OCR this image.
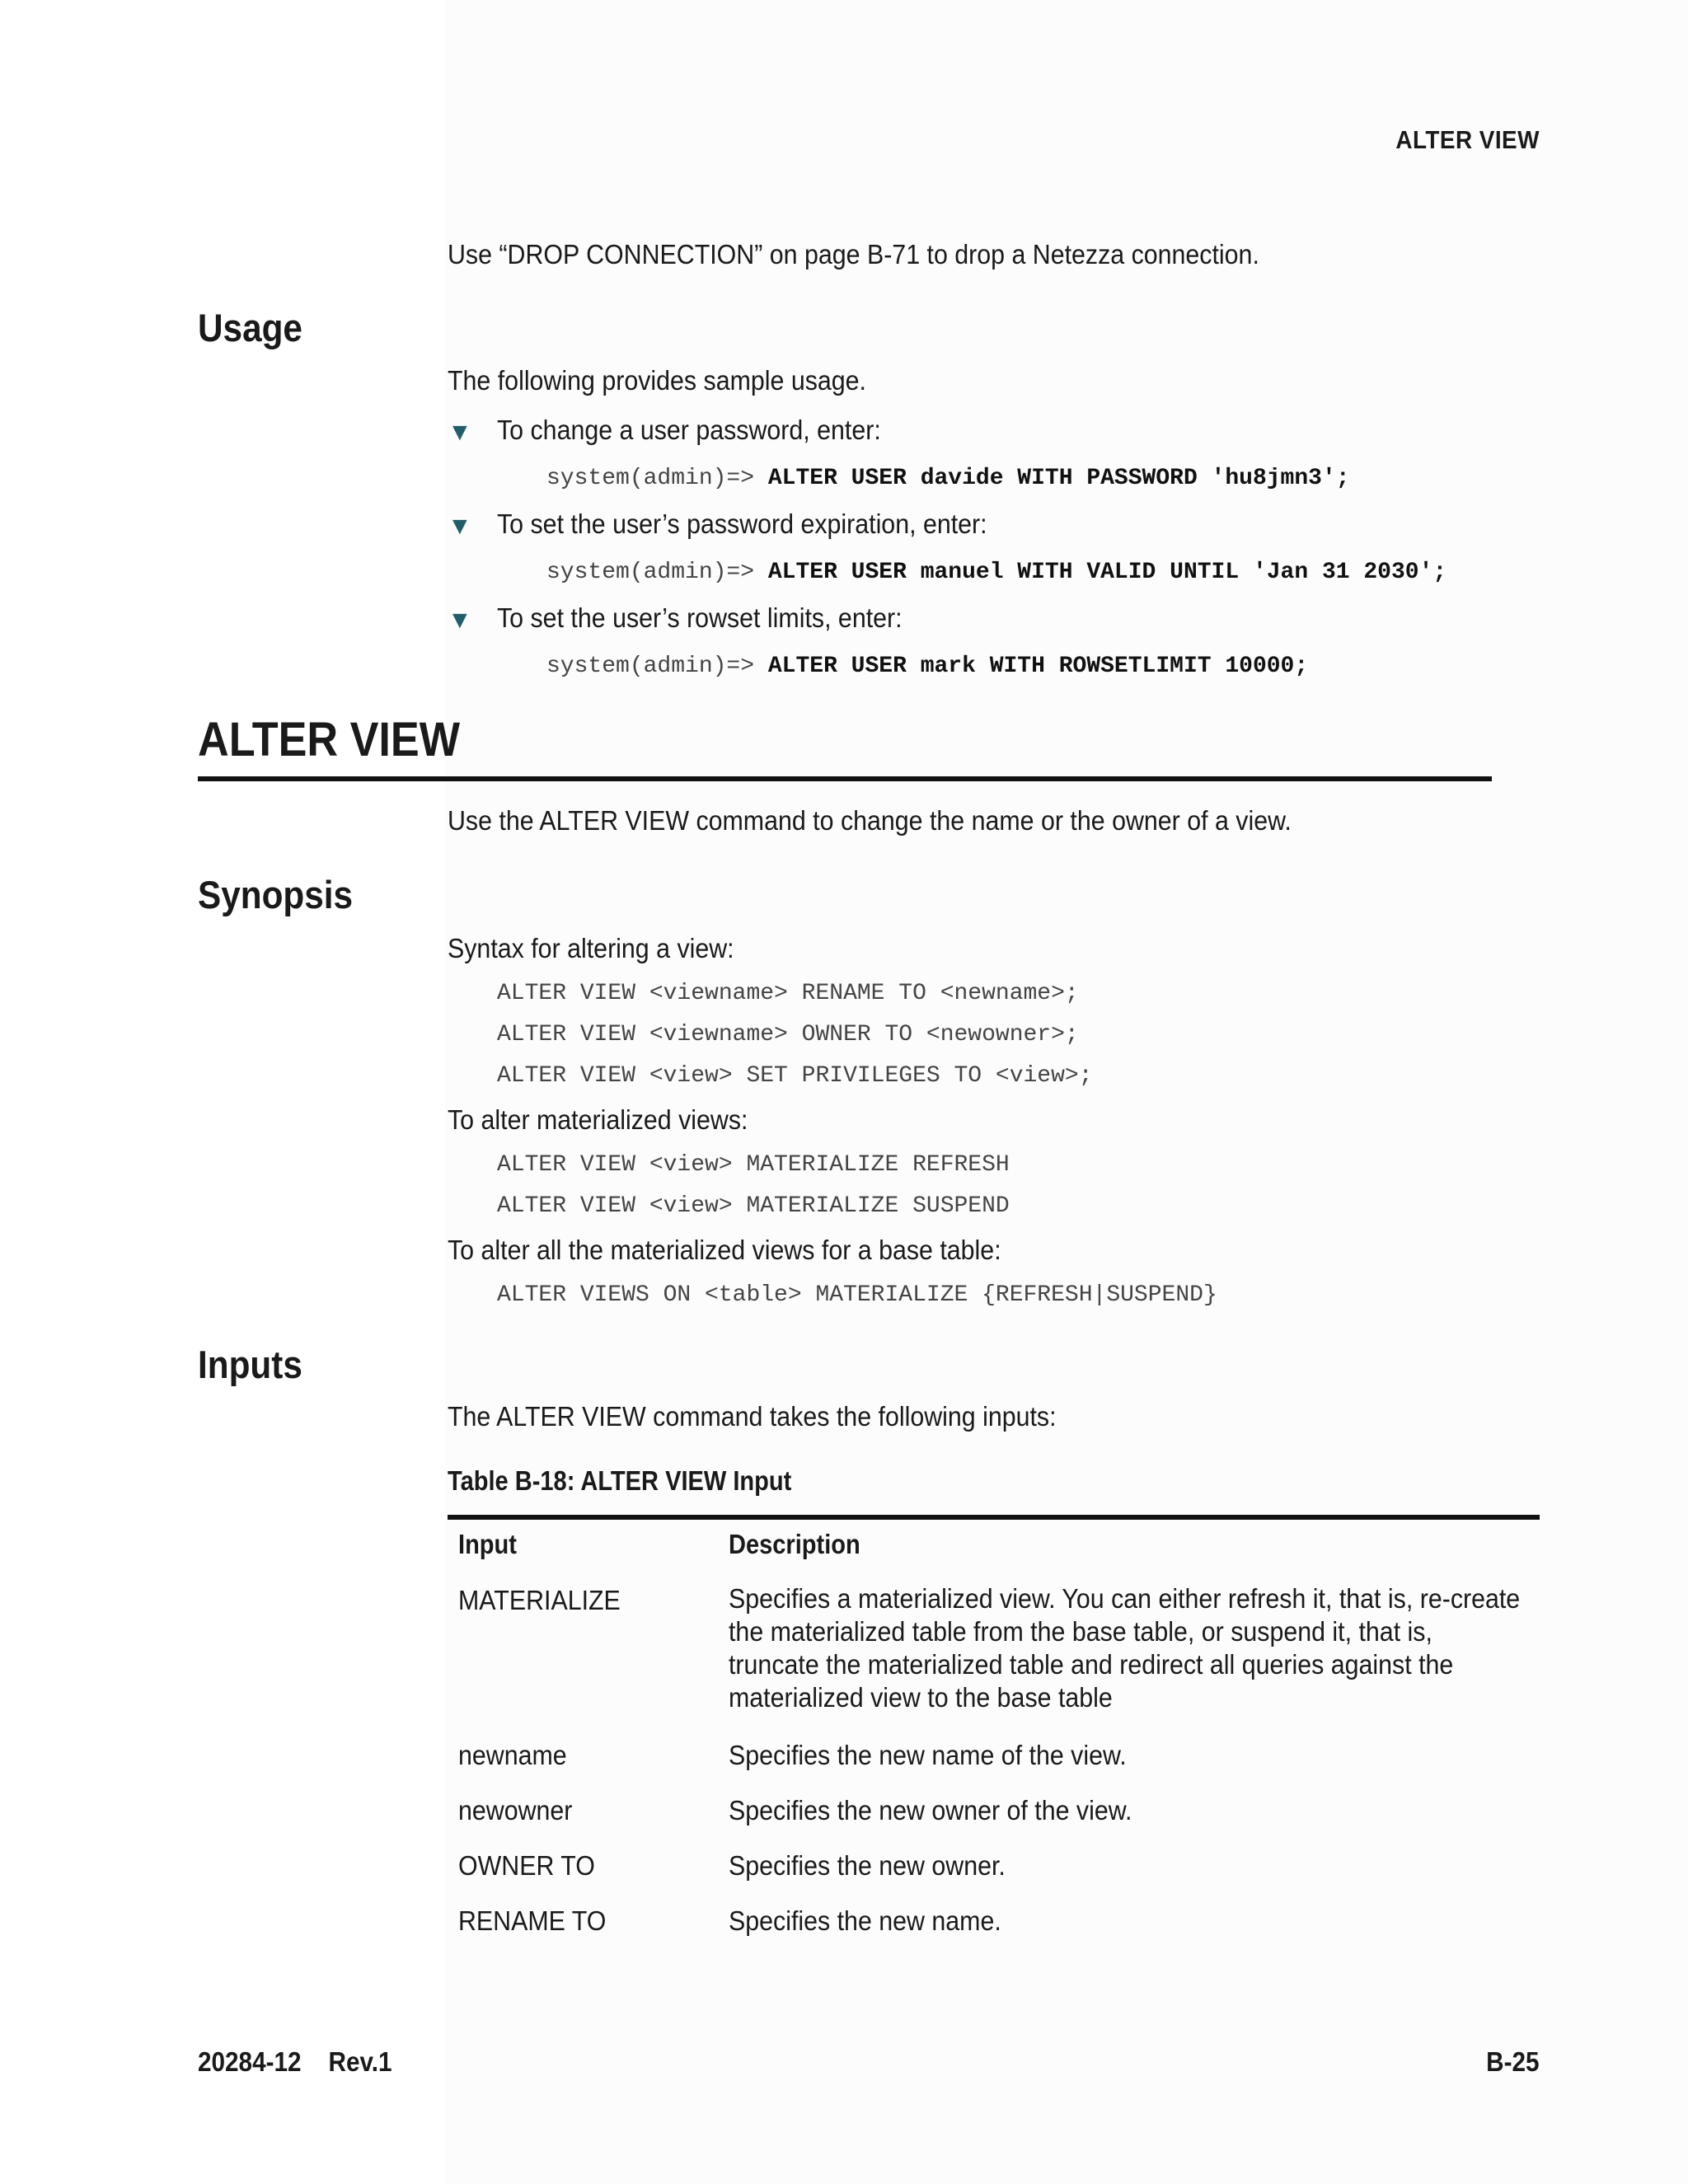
ALTER VIEW
Use “DROP CONNECTION” on page B-71 to drop a Netezza connection.
Usage
The following provides sample usage.
▼ To change a user password, enter:
system(admin)=> ALTER USER davide WITH PASSWORD 'hu8jmn3';
▼ To set the user’s password expiration, enter:
system(admin)=> ALTER USER manuel WITH VALID UNTIL 'Jan 31 2030';
▼ To set the user’s rowset limits, enter:
system(admin)=> ALTER USER mark WITH ROWSETLIMIT 10000;
ALTER VIEW
Use the ALTER VIEW command to change the name or the owner of a view.
Synopsis
Syntax for altering a view:
ALTER VIEW <viewname> RENAME TO <newname>;
ALTER VIEW <viewname> OWNER TO <newowner>;
ALTER VIEW <view> SET PRIVILEGES TO <view>;
To alter materialized views:
ALTER VIEW <view> MATERIALIZE REFRESH
ALTER VIEW <view> MATERIALIZE SUSPEND
To alter all the materialized views for a base table:
ALTER VIEWS ON <table> MATERIALIZE {REFRESH|SUSPEND}
Inputs
The ALTER VIEW command takes the following inputs:
Table B-18: ALTER VIEW Input
Input	Description
MATERIALIZE	Specifies a materialized view. You can either refresh it, that is, re-create the materialized table from the base table, or suspend it, that is, truncate the materialized table and redirect all queries against the materialized view to the base table
newname	Specifies the new name of the view.
newowner	Specifies the new owner of the view.
OWNER TO	Specifies the new owner.
RENAME TO	Specifies the new name.
20284-12    Rev.1	B-25
